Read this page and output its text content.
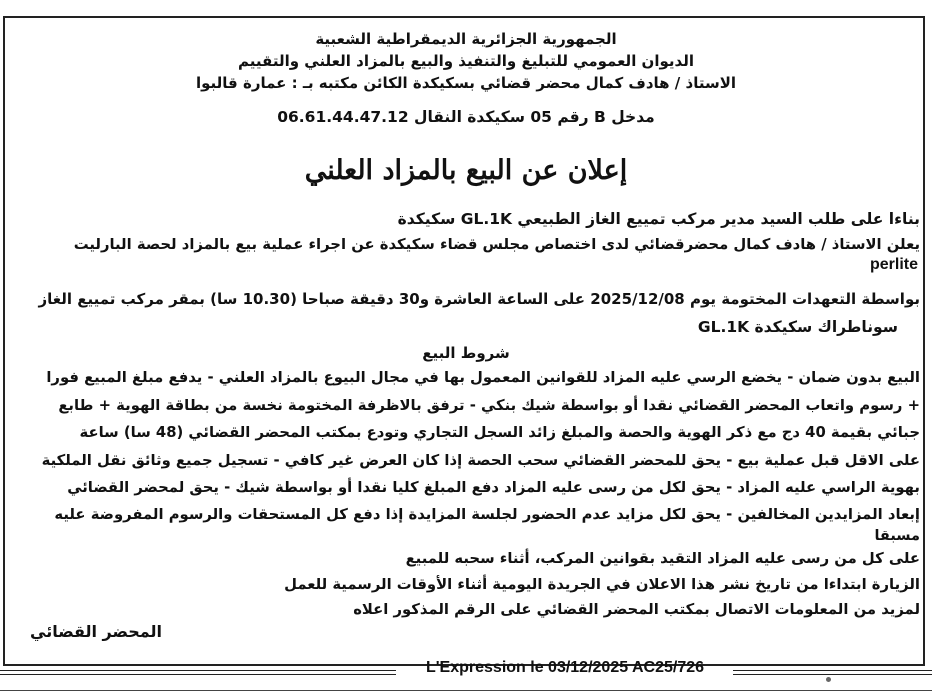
الجمهورية الجزائرية الديمقراطية الشعبية
الديوان العمومي للتبليغ والتنفيذ والبيع بالمزاد العلني والتقييم
الاستاذ / هادف كمال محضر قضائي بسكيكدة الكائن مكتبه بـ : عمارة قالبوا
مدخل B رقم 05 سكيكدة النقال 06.61.44.47.12
إعلان عن البيع بالمزاد العلني
بناءا على طلب السيد مدير مركب تمييع الغاز الطبيعي GL.1K سكيكدة
يعلن الاستاذ / هادف كمال محضرقضائي لدى اختصاص مجلس قضاء سكيكدة عن اجراء عملية بيع بالمزاد لحصة البارليت
perlite
بواسطة التعهدات المختومة يوم 2025/12/08 على الساعة العاشرة و30 دقيقة صباحا (10.30 سا) بمقر مركب تمييع الغاز
GL.1K سوناطراك سكيكدة
شروط البيع
البيع بدون ضمان - يخضع الرسي عليه المزاد للقوانين المعمول بها في مجال البيوع بالمزاد العلني - يدفع مبلغ المبيع فورا
+ رسوم واتعاب المحضر القضائي نقدا أو بواسطة شيك بنكي - ترفق بالاظرفة المختومة نخسة من بطاقة الهوية + طابع
جبائي بقيمة 40 دج مع ذكر الهوية والحصة والمبلغ زائد السجل التجاري وتودع بمكتب المحضر القضائي (48 سا) ساعة
على الاقل قبل عملية بيع - يحق للمحضر القضائي سحب الحصة إذا كان العرض غير كافي - تسجيل جميع وثائق نقل الملكية
بهوية الراسي عليه المزاد - يحق لكل من رسى عليه المزاد دفع المبلغ كليا نقدا أو بواسطة شيك - يحق لمحضر القضائي
إبعاد المزايدين المخالفين - يحق لكل مزايد عدم الحضور لجلسة المزايدة إذا دفع كل المستحقات والرسوم المفروضة عليه
مسبقا
على كل من رسى عليه المزاد التقيد بقوانين المركب، أثناء سحبه للمبيع
الزيارة ابتداءا من تاريخ نشر هذا الاعلان في الجريدة اليومية أثناء الأوقات الرسمية للعمل
لمزيد من المعلومات الاتصال بمكتب المحضر القضائي على الرقم المذكور اعلاه
المحضر القضائي
L'Expression le 03/12/2025 AC25/726
